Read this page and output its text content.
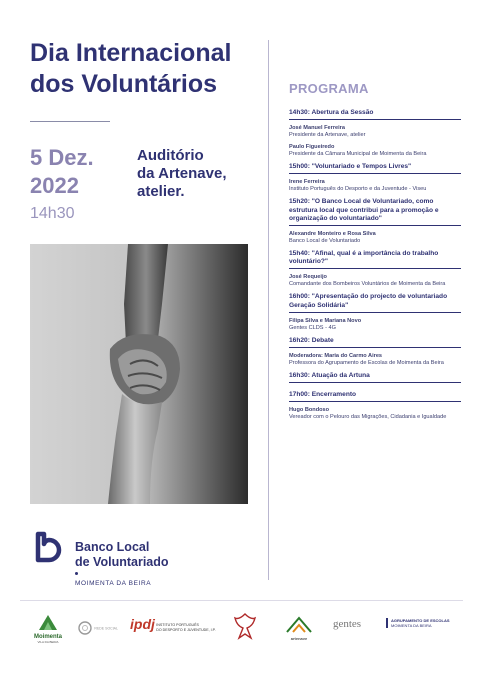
Dia Internacional
dos Voluntários
5 Dez.
2022
14h30
Auditório
da Artenave,
atelier.
PROGRAMA
14h30: Abertura da Sessão
José Manuel Ferreira
Presidente da Artenave, atelier
Paulo Figueiredo
Presidente da Câmara Municipal de Moimenta da Beira
15h00: "Voluntariado e Tempos Livres"
Irene Ferreira
Instituto Português do Desporto e da Juventude - Viseu
15h20: "O Banco Local de Voluntariado, como estrutura local que contribui para a promoção e organização do voluntariado"
Alexandre Monteiro e Rosa Silva
Banco Local de Voluntariado
15h40: "Afinal, qual é a importância do trabalho voluntário?"
José Requeijo
Comandante dos Bombeiros Voluntários de Moimenta da Beira
16h00: "Apresentação do projecto de voluntariado Geração Solidária"
Filipa Silva e Mariana Novo
Gentes CLDS - 4G
16h20: Debate
Moderadora: Maria do Carmo Aires
Professora do Agrupamento de Escolas de Moimenta da Beira
16h30: Atuação da Artuna
17h00: Encerramento
Hugo Bondoso
Vereador com o Pelouro das Migrações, Cidadania e Igualdade
Banco Local
de Voluntariado
MOIMENTA DA BEIRA
Moimenta
VILA DA BEIRA
REDE SOCIAL ipdj INSTITUTO PORTUGUÊS
DO DESPORTO E JUVENTUDE, I.P.
artenave
gentes	AGRUPAMENTO DE ESCOLAS
MOIMENTA DA BEIRA
